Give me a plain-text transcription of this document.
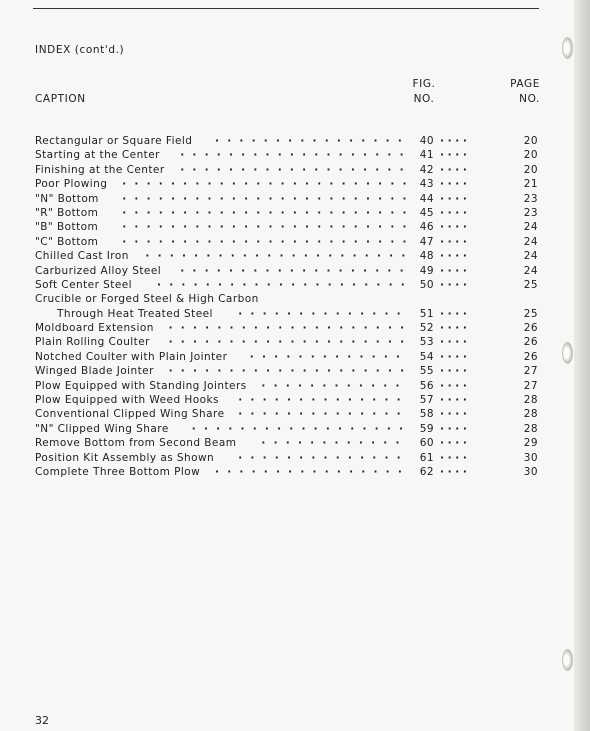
INDEX (cont'd.)
CAPTION
FIG.
NO.
PAGE
NO.
Rectangular or Square Field ················ 40 · · · ·	20
Starting at the Center ··················· 41 · · · ·	20
Finishing at the Center ··················· 42 · · · ·	20
Poor Plowing ························ 43 · · · ·	21
"N" Bottom ························ 44 · · · ·	23
"R" Bottom ························ 45 · · · ·	23
"B" Bottom ························ 46 · · · ·	24
"C" Bottom ························ 47 · · · ·	24
Chilled Cast Iron ······················ 48 · · · ·	24
Carburized Alloy Steel ··················· 49 · · · ·	24
Soft Center Steel ····················· 50 · · · ·	25
Crucible or Forged Steel & High Carbon
Through Heat Treated Steel ··············	51 · · · ·	25
Moldboard Extension ···················· 52 · · · ·	26
Plain Rolling Coulter ···················· 53 · · · ·	26
Notched Coulter with Plain Jointer ·············	54 · · · ·	26
Winged Blade Jointer ···················· 55 · · · ·	27
Plow Equipped with Standing Jointers ············	56 · · · ·	27
Plow Equipped with Weed Hooks ··············	57 · · · ·	28
Conventional Clipped Wing Share ··············	58 · · · ·	28
"N" Clipped Wing Share ·················· 59 · · · ·	28
Remove Bottom from Second Beam ············	60 · · · ·	29
Position Kit Assembly as Shown ··············	61 · · · ·	30
Complete Three Bottom Plow ················ 62 · · · ·	30
32
